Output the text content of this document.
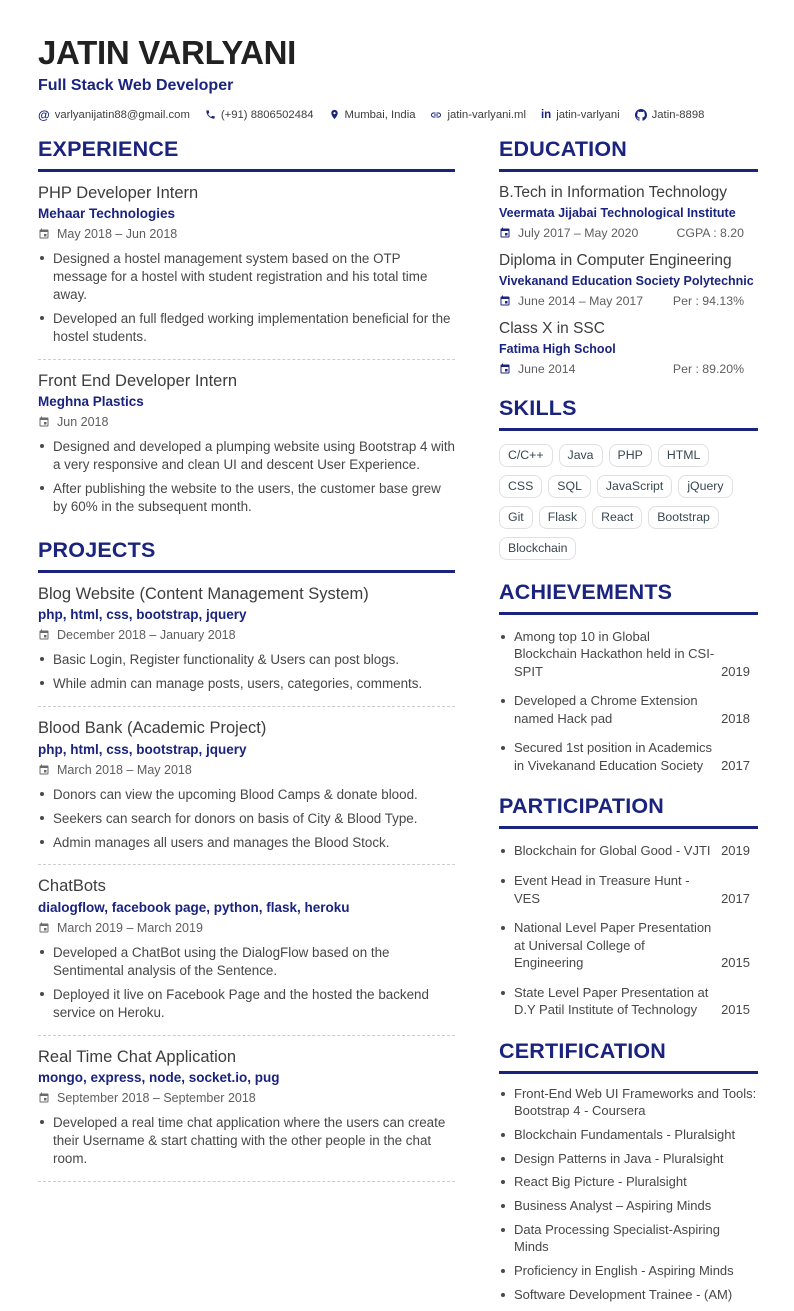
JATIN VARLYANI
Full Stack Web Developer
@ varlyanijatin88@gmail.com	(+91) 8806502484	Mumbai, India	jatin-varlyani.ml in jatin-varlyani	Jatin-8898
EXPERIENCE
PHP Developer Intern
Mehaar Technologies
May 2018 – Jun 2018
Designed a hostel management system based on the OTP message for a hostel with student registration and his total time away.
Developed an full fledged working implementation beneficial for the hostel students.
Front End Developer Intern
Meghna Plastics
Jun 2018
Designed and developed a plumping website using Bootstrap 4 with a very responsive and clean UI and descent User Experience.
After publishing the website to the users, the customer base grew by 60% in the subsequent month.
PROJECTS
Blog Website (Content Management System)
php, html, css, bootstrap, jquery
December 2018 – January 2018
Basic Login, Register functionality & Users can post blogs.
While admin can manage posts, users, categories, comments.
Blood Bank (Academic Project)
php, html, css, bootstrap, jquery
March 2018 – May 2018
Donors can view the upcoming Blood Camps & donate blood.
Seekers can search for donors on basis of City & Blood Type.
Admin manages all users and manages the Blood Stock.
ChatBots
dialogflow, facebook page, python, flask, heroku
March 2019 – March 2019
Developed a ChatBot using the DialogFlow based on the Sentimental analysis of the Sentence.
Deployed it live on Facebook Page and the hosted the backend service on Heroku.
Real Time Chat Application
mongo, express, node, socket.io, pug
September 2018 – September 2018
Developed a real time chat application where the users can create their Username & start chatting with the other people in the chat room.
EDUCATION
B.Tech in Information Technology
Veermata Jijabai Technological Institute
July 2017 – May 2020	CGPA : 8.20
Diploma in Computer Engineering
Vivekanand Education Society Polytechnic
June 2014 – May 2017 Per : 94.13%
Class X in SSC
Fatima High School
June 2014	Per : 89.20%
SKILLS
C/C++	Java	PHP	HTML
CSS	SQL	JavaScript	jQuery
Git	Flask	React	Bootstrap
Blockchain
ACHIEVEMENTS
Among top 10 in Global Blockchain Hackathon held in CSI-SPIT	2019
Developed a Chrome Extension named Hack pad	2018
Secured 1st position in Academics in Vivekanand Education Society	2017
PARTICIPATION
Blockchain for Global Good - VJTI 2019
Event Head in Treasure Hunt - VES	2017
National Level Paper Presentation at Universal College of Engineering	2015
State Level Paper Presentation at D.Y Patil Institute of Technology	2015
CERTIFICATION
Front-End Web UI Frameworks and Tools: Bootstrap 4 - Coursera
Blockchain Fundamentals - Pluralsight
Design Patterns in Java - Pluralsight
React Big Picture - Pluralsight
Business Analyst – Aspiring Minds
Data Processing Specialist-Aspiring Minds
Proficiency in English - Aspiring Minds
Software Development Trainee - (AM)
